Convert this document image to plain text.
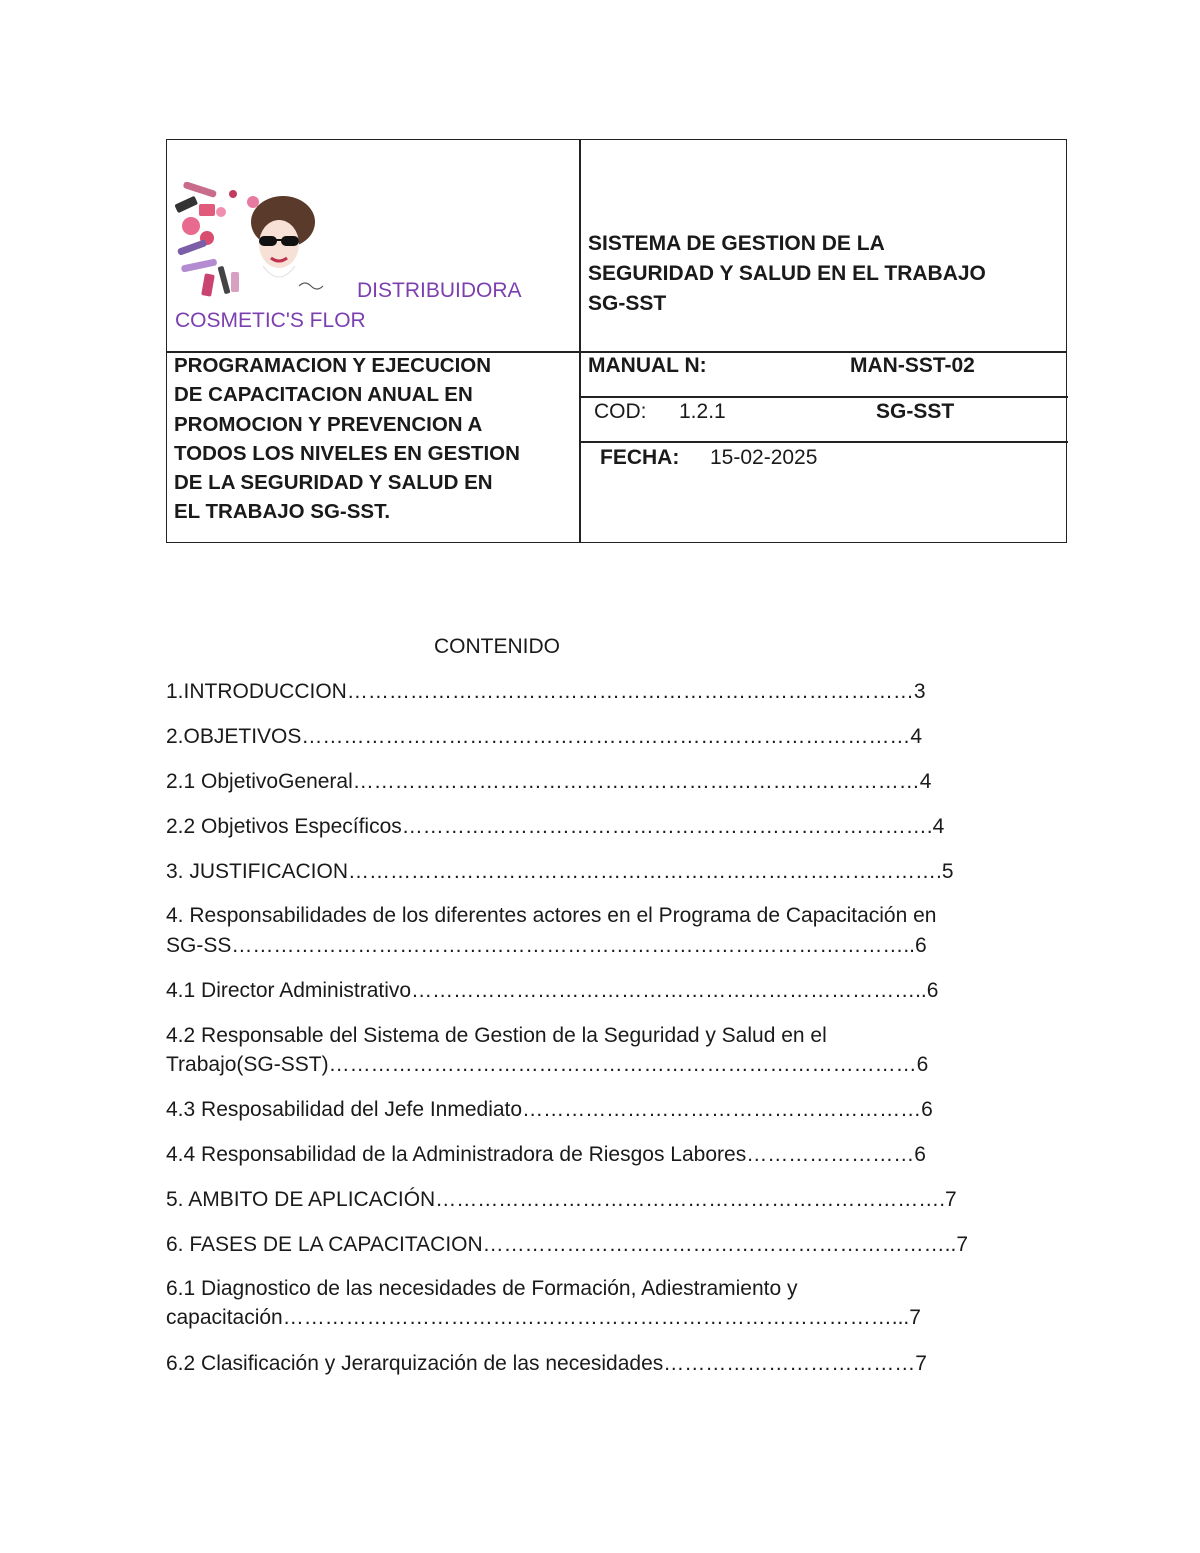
DISTRIBUIDORA
COSMETIC'S FLOR
SISTEMA DE GESTION DE LA
SEGURIDAD Y SALUD EN EL TRABAJO
SG-SST
PROGRAMACION Y EJECUCION
DE CAPACITACION ANUAL EN
PROMOCION Y PREVENCION A
TODOS LOS NIVELES EN GESTION
DE LA SEGURIDAD Y SALUD EN
EL TRABAJO SG-SST.
MANUAL N:	MAN-SST-02
COD: 1.2.1	SG-SST
FECHA: 15-02-2025
CONTENIDO
1.INTRODUCCION………………………………………………………………………3
2.OBJETIVOS……………………………………………………………………………4
2.1 ObjetivoGeneral………………………………………………………………………4
2.2 Objetivos Específicos………………………………………………………………….4
3. JUSTIFICACION………………………………………………………………………….5
4. Responsabilidades de los diferentes actores en el Programa de Capacitación en
SG-SS……………………………………………………………………………………..6
4.1 Director Administrativo………………………………………………………………..6
4.2 Responsable del Sistema de Gestion de la Seguridad y Salud en el
Trabajo(SG-SST)…………………………………………………………………………6
4.3 Resposabilidad del Jefe Inmediato…………………………………………………6
4.4 Responsabilidad de la Administradora de Riesgos Labores……………………6
5. AMBITO DE APLICACIÓN……………………………………………………………….7
6. FASES DE LA CAPACITACION…………………………………………………………..7
6.1 Diagnostico de las necesidades de Formación, Adiestramiento y
capacitación……………………………………………………………………………...7
6.2 Clasificación y Jerarquización de las necesidades………………………………7
